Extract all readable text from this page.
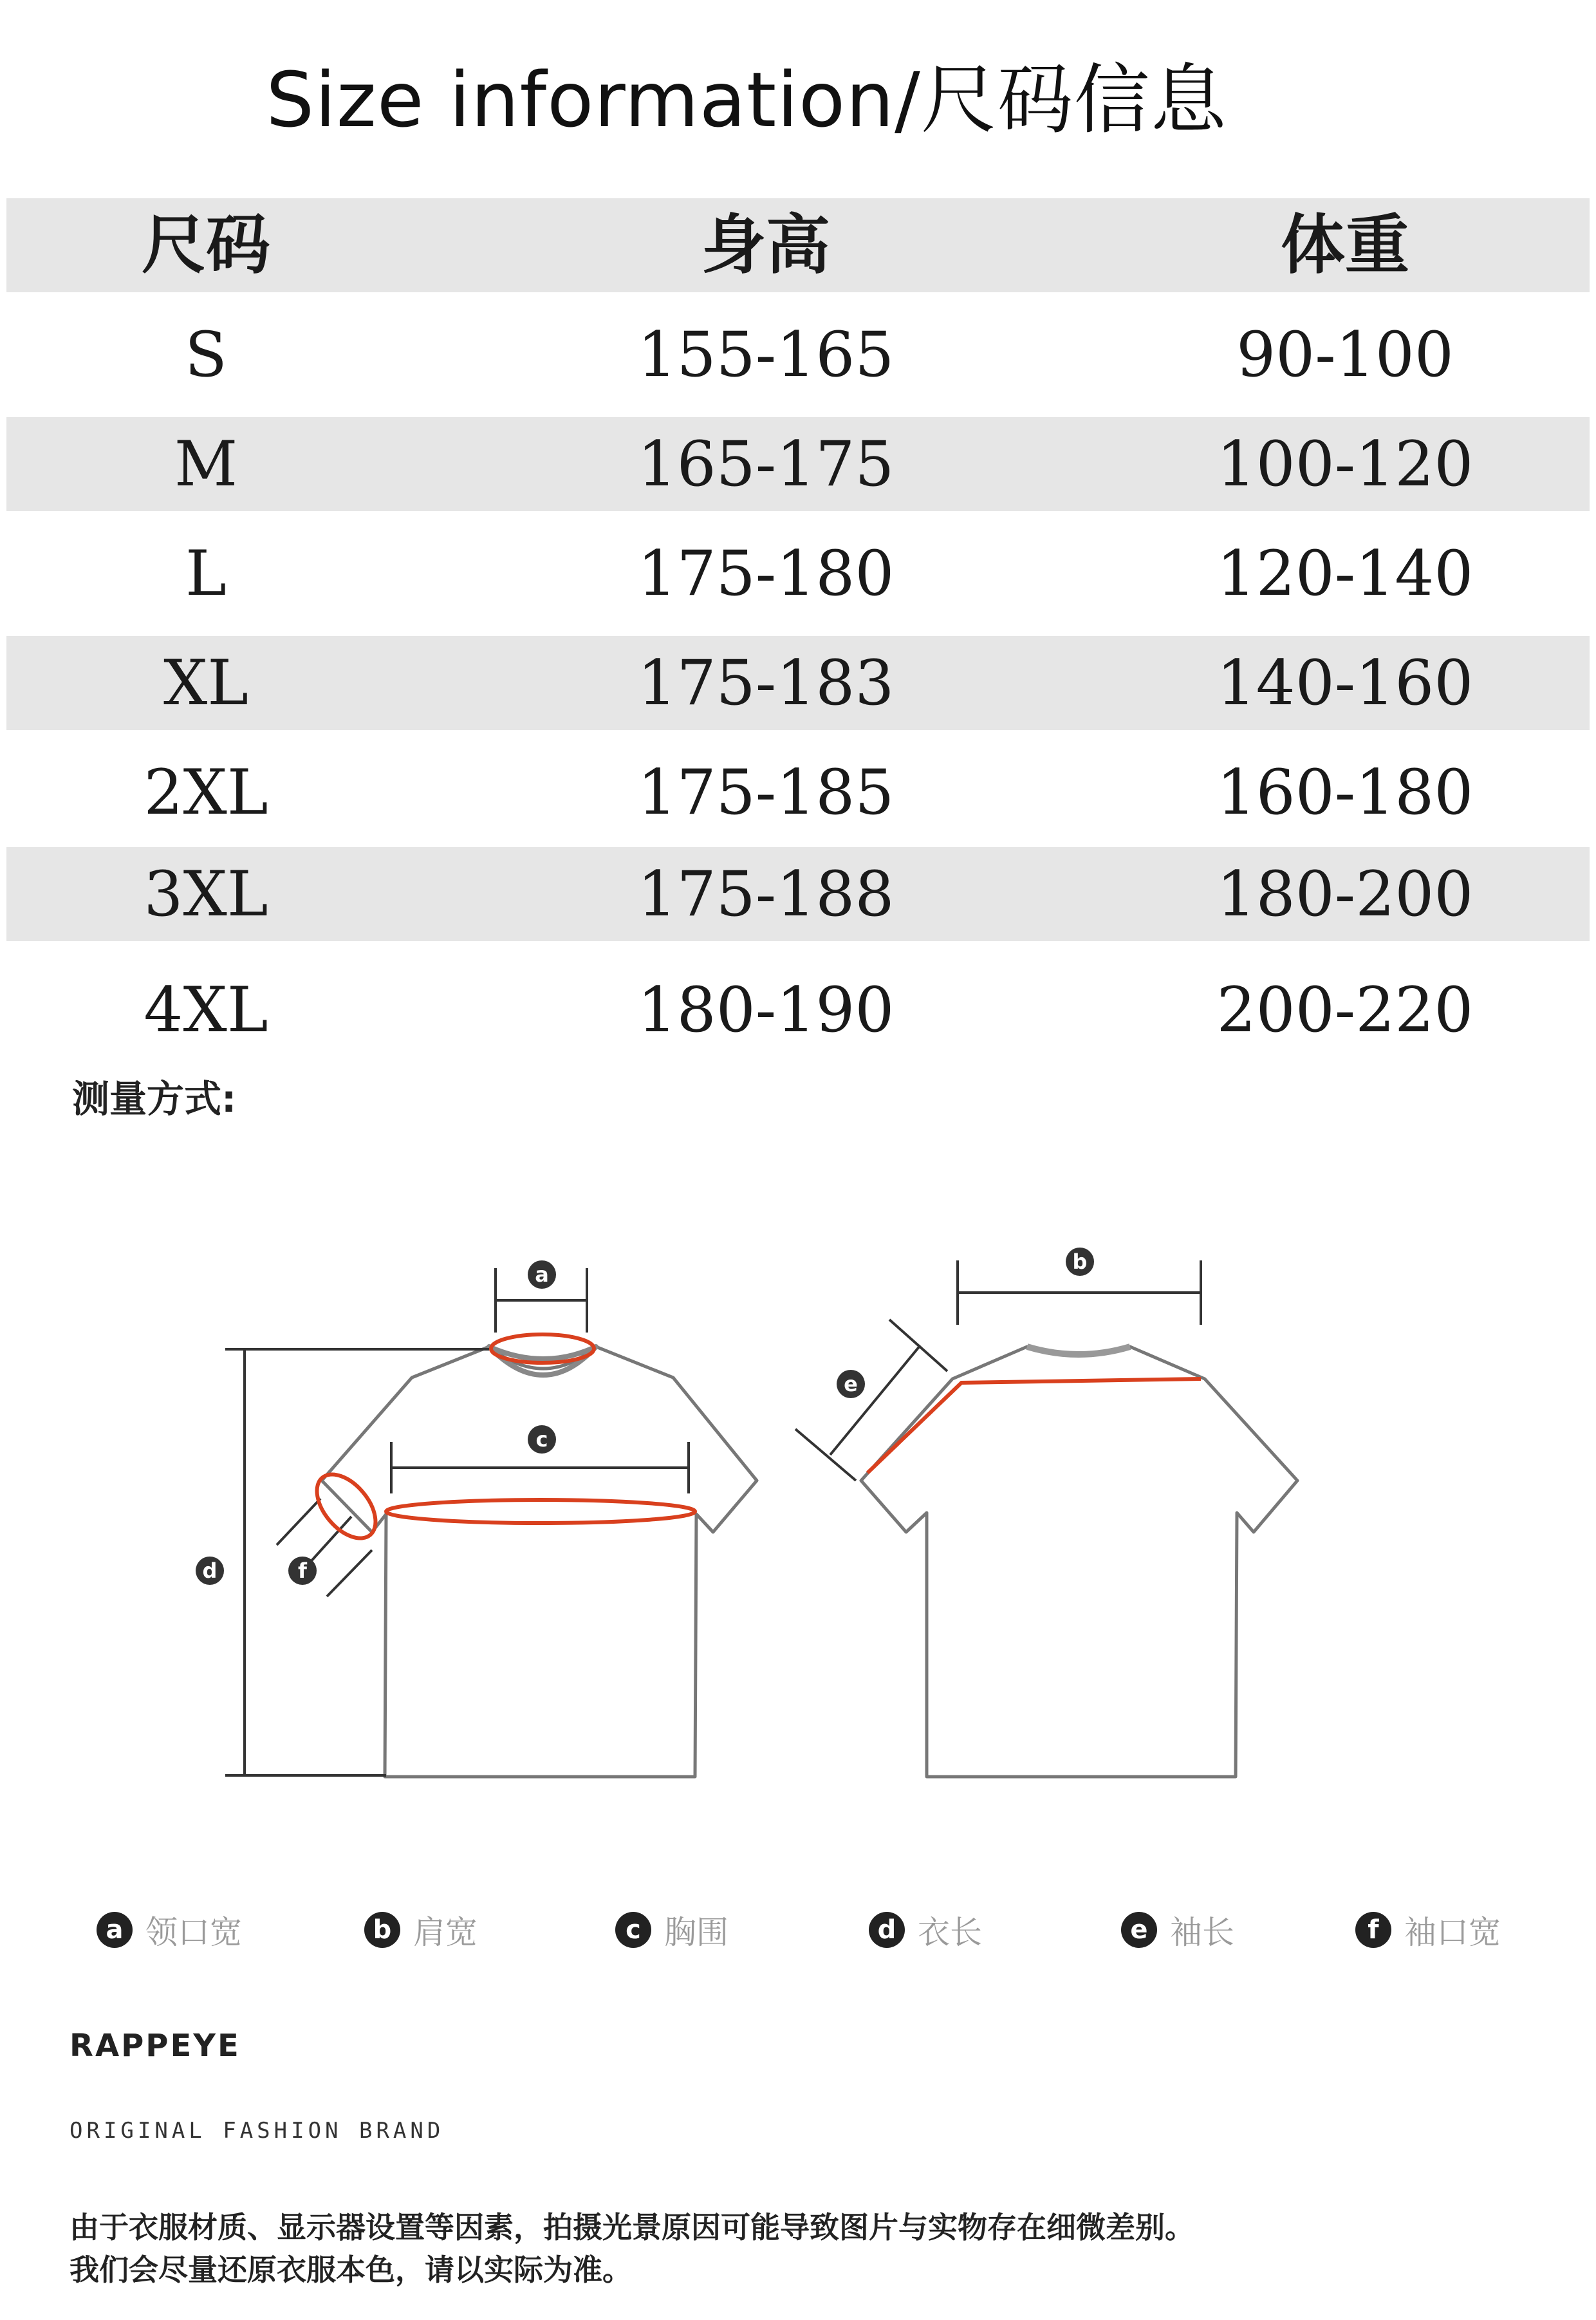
Size information/尺码信息
尺码	身高	体重
S	155-165	90-100
M	165-175	100-120
L	175-180	120-140
XL	175-183	140-160
2XL	175-185	160-180
3XL	175-188	180-200
4XL	180-190	200-220
测量方式:
a
c
d	f
b
e
a 领口宽	b 肩宽	c 胸围	d 衣长	e 袖长	f 袖口宽
RAPPEYE
ORIGINAL FASHION BRAND
由于衣服材质、显示器设置等因素，拍摄光景原因可能导致图片与实物存在细微差别。
我们会尽量还原衣服本色，请以实际为准。
